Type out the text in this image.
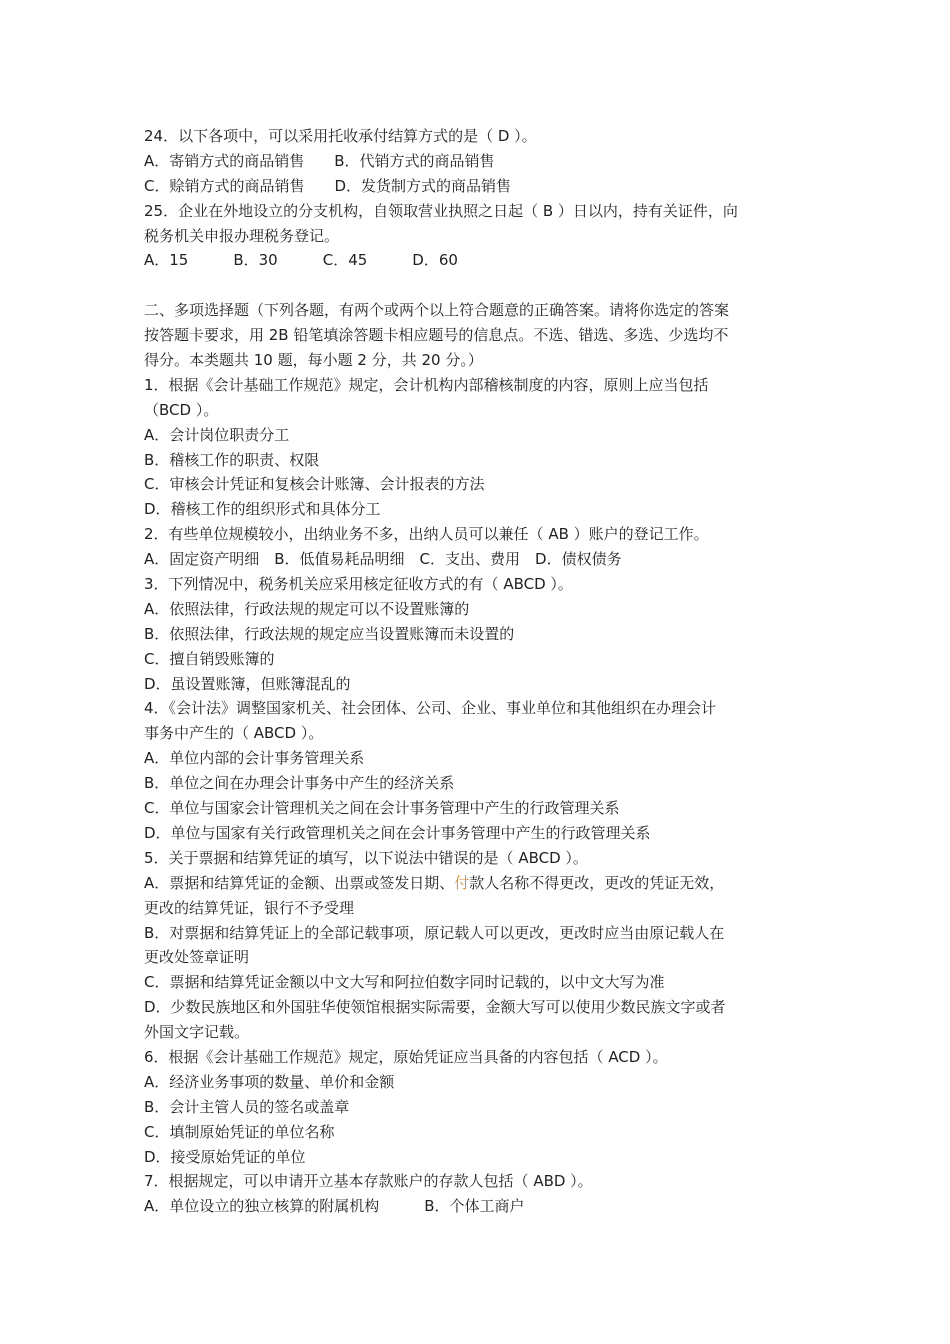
24．以下各项中，可以采用托收承付结算方式的是（ D ）。
A．寄销方式的商品销售　　B．代销方式的商品销售
C．赊销方式的商品销售　　D．发货制方式的商品销售
25．企业在外地设立的分支机构，自领取营业执照之日起（ B ）日以内，持有关证件，向
税务机关申报办理税务登记。
A．15　　　B．30　　　C．45　　　D．60
二、多项选择题（下列各题，有两个或两个以上符合题意的正确答案。请将你选定的答案
按答题卡要求，用 2B 铅笔填涂答题卡相应题号的信息点。不选、错选、多选、少选均不
得分。本类题共 10 题，每小题 2 分，共 20 分。）
1．根据《会计基础工作规范》规定，会计机构内部稽核制度的内容，原则上应当包括
（BCD ）。
A．会计岗位职责分工
B．稽核工作的职责、权限
C．审核会计凭证和复核会计账簿、会计报表的方法
D．稽核工作的组织形式和具体分工
2．有些单位规模较小，出纳业务不多，出纳人员可以兼任（ AB ）账户的登记工作。
A．固定资产明细　B．低值易耗品明细　C．支出、费用　D．债权债务
3．下列情况中，税务机关应采用核定征收方式的有（ ABCD ）。
A．依照法律，行政法规的规定可以不设置账簿的
B．依照法律，行政法规的规定应当设置账簿而未设置的
C．擅自销毁账簿的
D．虽设置账簿，但账簿混乱的
4．《会计法》调整国家机关、社会团体、公司、企业、事业单位和其他组织在办理会计
事务中产生的（ ABCD ）。
A．单位内部的会计事务管理关系
B．单位之间在办理会计事务中产生的经济关系
C．单位与国家会计管理机关之间在会计事务管理中产生的行政管理关系
D．单位与国家有关行政管理机关之间在会计事务管理中产生的行政管理关系
5．关于票据和结算凭证的填写，以下说法中错误的是（ ABCD ）。
A．票据和结算凭证的金额、出票或签发日期、付款人名称不得更改，更改的凭证无效，
更改的结算凭证，银行不予受理
B．对票据和结算凭证上的全部记载事项，原记载人可以更改，更改时应当由原记载人在
更改处签章证明
C．票据和结算凭证金额以中文大写和阿拉伯数字同时记载的，以中文大写为准
D．少数民族地区和外国驻华使领馆根据实际需要，金额大写可以使用少数民族文字或者
外国文字记载。
6．根据《会计基础工作规范》规定，原始凭证应当具备的内容包括（ ACD ）。
A．经济业务事项的数量、单价和金额
B．会计主管人员的签名或盖章
C．填制原始凭证的单位名称
D．接受原始凭证的单位
7．根据规定，可以申请开立基本存款账户的存款人包括（ ABD ）。
A．单位设立的独立核算的附属机构　　　B．个体工商户
